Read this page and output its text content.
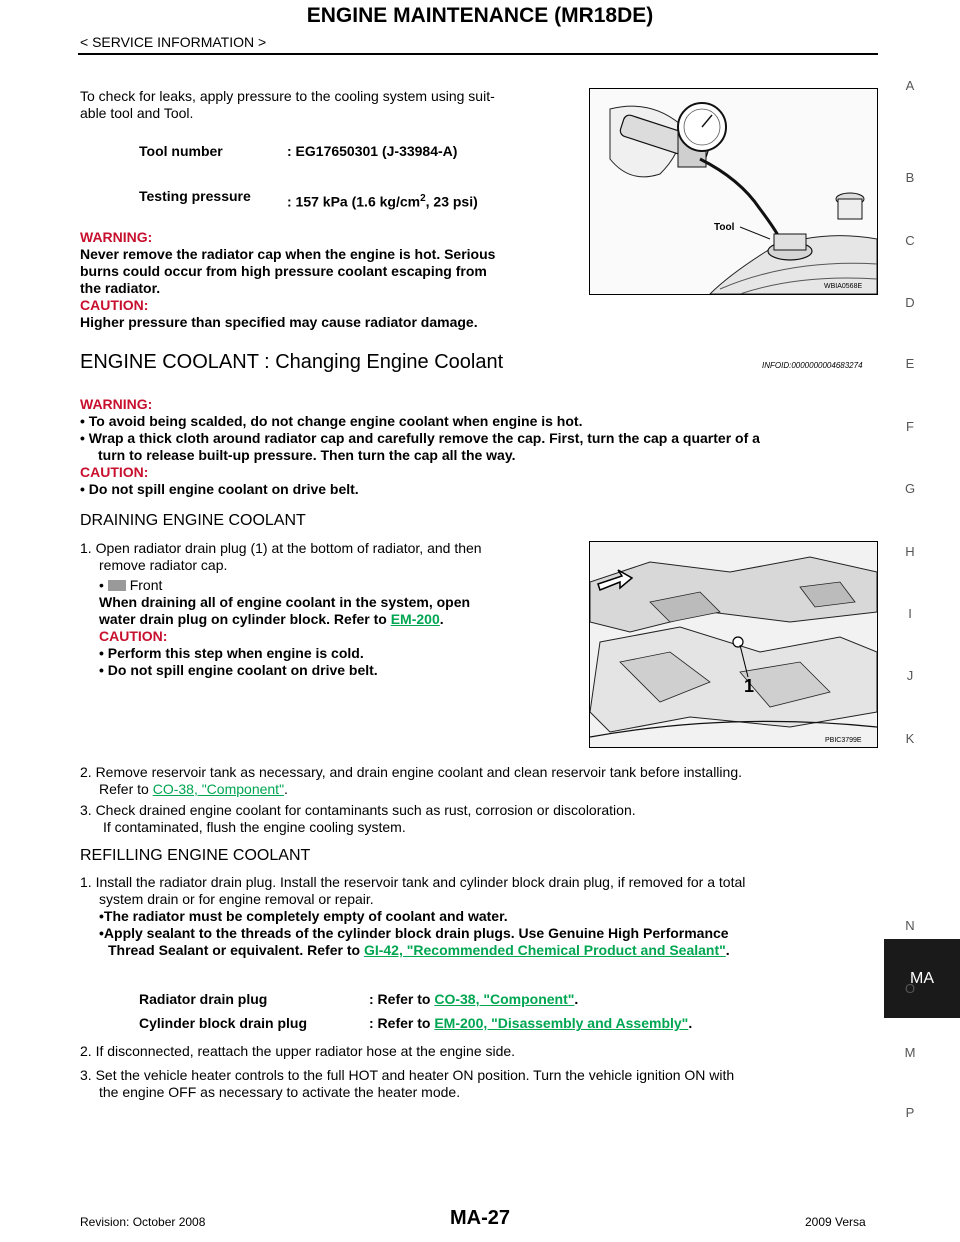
ENGINE MAINTENANCE (MR18DE)
< SERVICE INFORMATION >
A
B
C
D
E
F
G
H
I
J
K
MA
M
N
O
P
To check for leaks, apply pressure to the cooling system using suit-
able tool and Tool.
Tool number	: EG17650301 (J-33984-A)
Testing pressure	: 157 kPa (1.6 $kg/cm^2$, 23 psi)
WARNING:
Never remove the radiator cap when the engine is hot. Serious
burns could occur from high pressure coolant escaping from
the radiator.
CAUTION:
Higher pressure than specified may cause radiator damage.
Tool
WBIA0568E
ENGINE COOLANT : Changing Engine Coolant	INFOID:0000000004683274
WARNING:
• To avoid being scalded, do not change engine coolant when engine is hot.
• Wrap a thick cloth around radiator cap and carefully remove the cap. First, turn the cap a quarter of a
turn to release built-up pressure. Then turn the cap all the way.
CAUTION:
• Do not spill engine coolant on drive belt.
DRAINING ENGINE COOLANT
1. Open radiator drain plug (1) at the bottom of radiator, and then
remove radiator cap.
• Front
When draining all of engine coolant in the system, open
water drain plug on cylinder block. Refer to EM-200.
CAUTION:
• Perform this step when engine is cold.
• Do not spill engine coolant on drive belt.
1
PBIC3799E
2. Remove reservoir tank as necessary, and drain engine coolant and clean reservoir tank before installing.
Refer to CO-38, "Component".
3. Check drained engine coolant for contaminants such as rust, corrosion or discoloration.
If contaminated, flush the engine cooling system.
REFILLING ENGINE COOLANT
1. Install the radiator drain plug. Install the reservoir tank and cylinder block drain plug, if removed for a total
system drain or for engine removal or repair.
•The radiator must be completely empty of coolant and water.
•Apply sealant to the threads of the cylinder block drain plugs. Use Genuine High Performance
Thread Sealant or equivalent. Refer to GI-42, "Recommended Chemical Product and Sealant".
Radiator drain plug	: Refer to CO-38, "Component".
Cylinder block drain plug	: Refer to EM-200, "Disassembly and Assembly".
2. If disconnected, reattach the upper radiator hose at the engine side.
3. Set the vehicle heater controls to the full HOT and heater ON position. Turn the vehicle ignition ON with
the engine OFF as necessary to activate the heater mode.
Revision: October 2008	MA-27	2009 Versa
